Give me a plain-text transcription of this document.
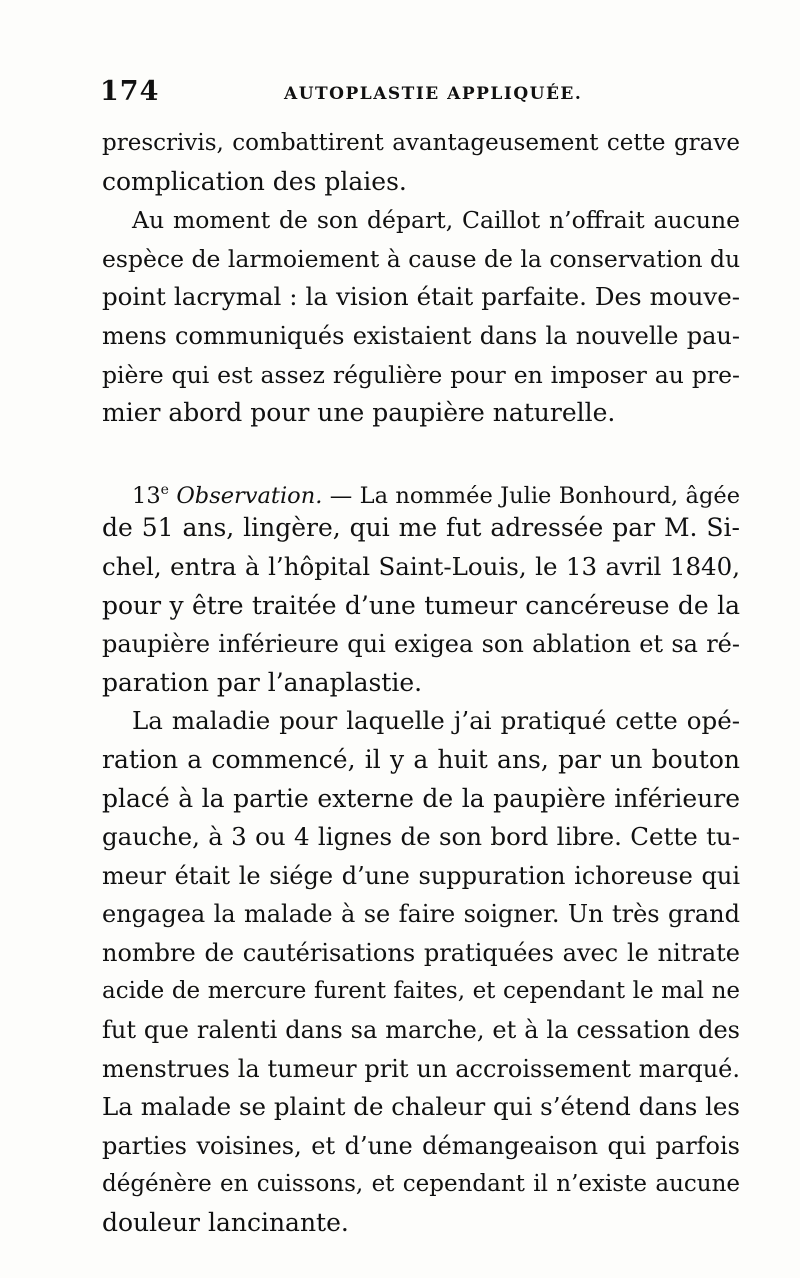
174	AUTOPLASTIE APPLIQUÉE.
prescrivis, combattirent avantageusement cette grave
complication des plaies.
Au moment de son départ, Caillot n’offrait aucune
espèce de larmoiement à cause de la conservation du
point lacrymal : la vision était parfaite. Des mouve-
mens communiqués existaient dans la nouvelle pau-
pière qui est assez régulière pour en imposer au pre-
mier abord pour une paupière naturelle.
13e Observation. — La nommée Julie Bonhourd, âgée
de 51 ans, lingère, qui me fut adressée par M. Si-
chel, entra à l’hôpital Saint-Louis, le 13 avril 1840,
pour y être traitée d’une tumeur cancéreuse de la
paupière inférieure qui exigea son ablation et sa ré-
paration par l’anaplastie.
La maladie pour laquelle j’ai pratiqué cette opé-
ration a commencé, il y a huit ans, par un bouton
placé à la partie externe de la paupière inférieure
gauche, à 3 ou 4 lignes de son bord libre. Cette tu-
meur était le siége d’une suppuration ichoreuse qui
engagea la malade à se faire soigner. Un très grand
nombre de cautérisations pratiquées avec le nitrate
acide de mercure furent faites, et cependant le mal ne
fut que ralenti dans sa marche, et à la cessation des
menstrues la tumeur prit un accroissement marqué.
La malade se plaint de chaleur qui s’étend dans les
parties voisines, et d’une démangeaison qui parfois
dégénère en cuissons, et cependant il n’existe aucune
douleur lancinante.
